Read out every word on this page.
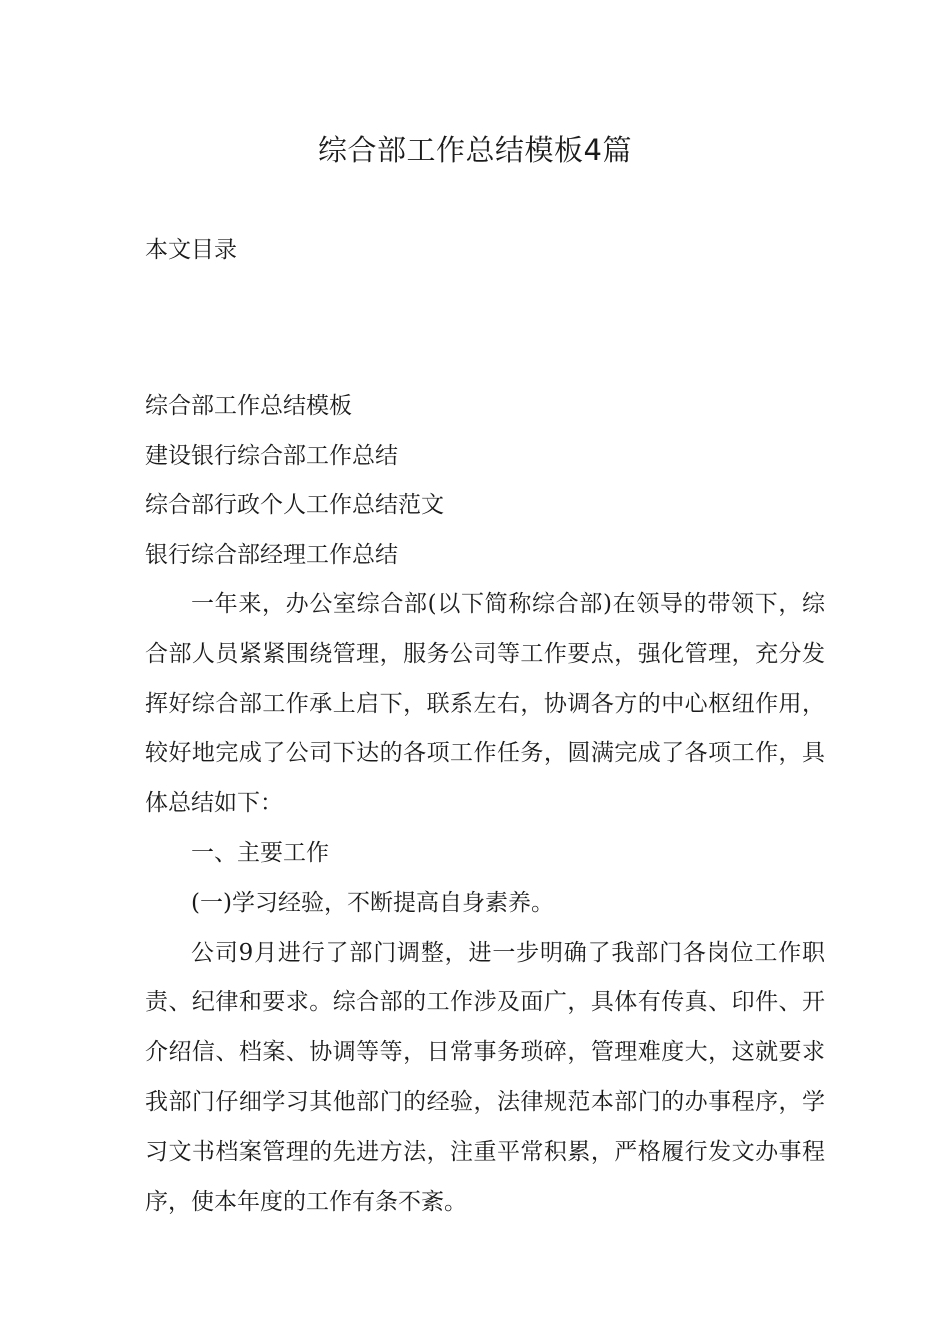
综合部工作总结模板4篇
本文目录
综合部工作总结模板
建设银行综合部工作总结
综合部行政个人工作总结范文
银行综合部经理工作总结

一年来，办公室综合部(以下简称综合部)在领导的带领下，综合部人员紧紧围绕管理，服务公司等工作要点，强化管理，充分发挥好综合部工作承上启下，联系左右，协调各方的中心枢纽作用，较好地完成了公司下达的各项工作任务，圆满完成了各项工作，具体总结如下：

一、主要工作

(一)学习经验，不断提高自身素养。

公司9月进行了部门调整，进一步明确了我部门各岗位工作职责、纪律和要求。综合部的工作涉及面广，具体有传真、印件、开介绍信、档案、协调等等，日常事务琐碎，管理难度大，这就要求我部门仔细学习其他部门的经验，法律规范本部门的办事程序，学习文书档案管理的先进方法，注重平常积累，严格履行发文办事程序，使本年度的工作有条不紊。
